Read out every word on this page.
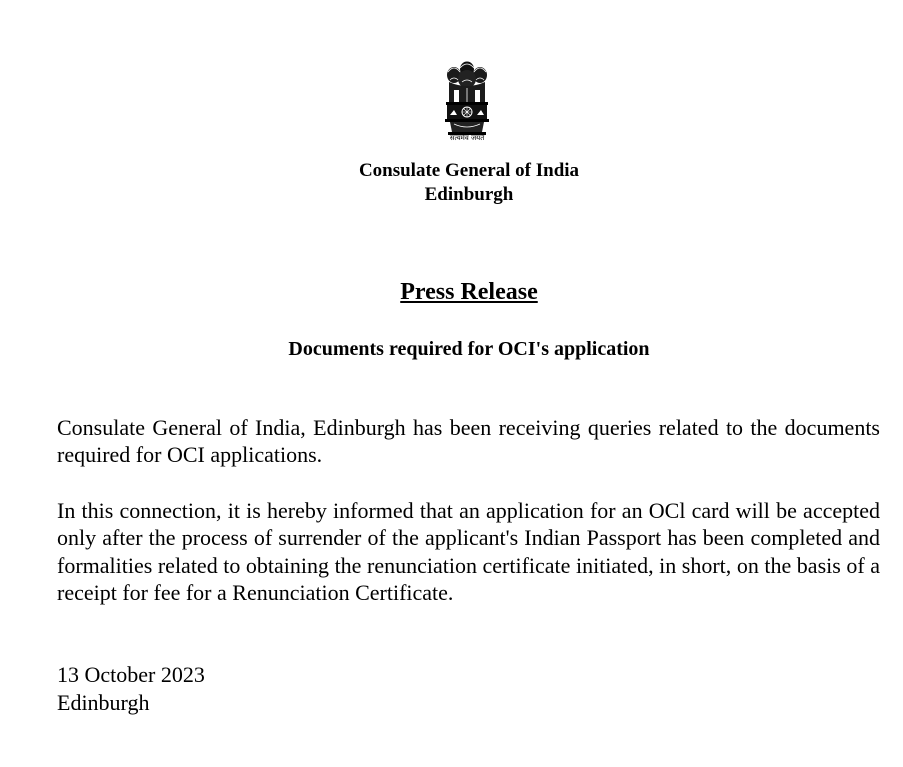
सत्यमेव जयते
Consulate General of India
Edinburgh
Press Release
Documents required for OCI's application
Consulate General of India, Edinburgh has been receiving queries related to the documents required for OCI applications.
In this connection, it is hereby informed that an application for an OCl card will be accepted only after the process of surrender of the applicant's Indian Passport has been completed and formalities related to obtaining the renunciation certificate initiated, in short, on the basis of a receipt for fee for a Renunciation Certificate.
13 October 2023
Edinburgh
